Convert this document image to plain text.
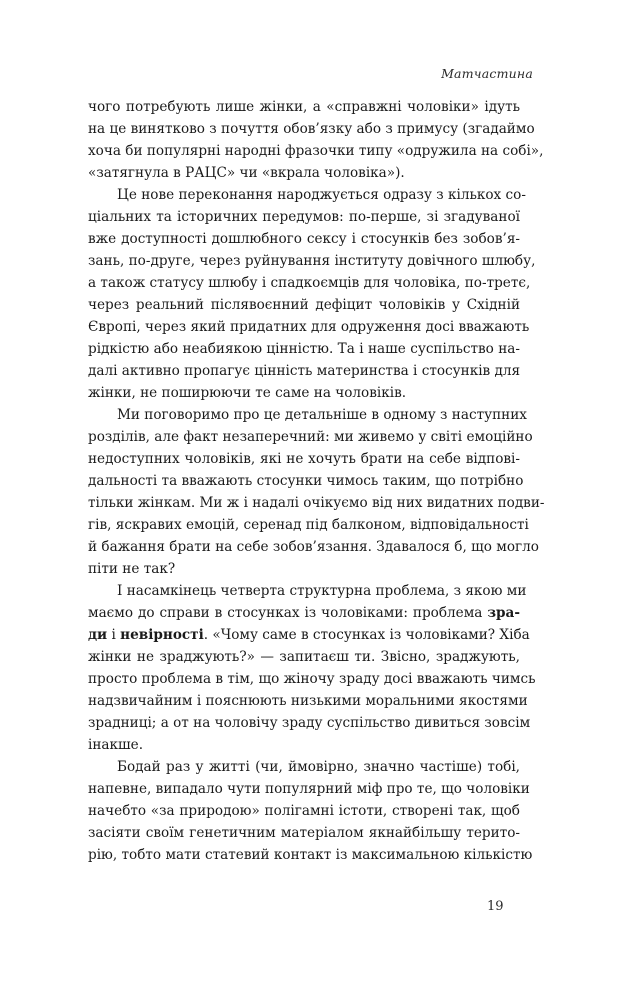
Матчастина
чого потребують лише жінки, а «справжні чоловіки» ідуть
на це винятково з почуття обов’язку або з примусу (згадаймо
хоча би популярні народні фразочки типу «одружила на собі»,
«затягнула в РАЦС» чи «вкрала чоловіка»).
Це нове переконання народжується одразу з кількох со-
ціальних та історичних передумов: по-перше, зі згадуваної
вже доступності дошлюбного сексу і стосунків без зобов’я-
зань, по-друге, через руйнування інституту довічного шлюбу,
а також статусу шлюбу і спадкоємців для чоловіка, по-третє,
через реальний післявоєнний дефіцит чоловіків у Східній
Європі, через який придатних для одруження досі вважають
рідкістю або неабиякою цінністю. Та і наше суспільство на-
далі активно пропагує цінність материнства і стосунків для
жінки, не поширюючи те саме на чоловіків.
Ми поговоримо про це детальніше в одному з наступних
розділів, але факт незаперечний: ми живемо у світі емоційно
недоступних чоловіків, які не хочуть брати на себе відпові-
дальності та вважають стосунки чимось таким, що потрібно
тільки жінкам. Ми ж і надалі очікуємо від них видатних подви-
гів, яскравих емоцій, серенад під балконом, відповідальності
й бажання брати на себе зобов’язання. Здавалося б, що могло
піти не так?
І насамкінець четверта структурна проблема, з якою ми
маємо до справи в стосунках із чоловіками: проблема зра-
ди і невірності. «Чому саме в стосунках із чоловіками? Хіба
жінки не зраджують?» — запитаєш ти. Звісно, зраджують,
просто проблема в тім, що жіночу зраду досі вважають чимсь
надзвичайним і пояснюють низькими моральними якостями
зрадниці; а от на чоловічу зраду суспільство дивиться зовсім
інакше.
Бодай раз у житті (чи, ймовірно, значно частіше) тобі,
напевне, випадало чути популярний міф про те, що чоловіки
начебто «за природою» полігамні істоти, створені так, щоб
засіяти своїм генетичним матеріалом якнайбільшу терито-
рію, тобто мати статевий контакт із максимальною кількістю
19
